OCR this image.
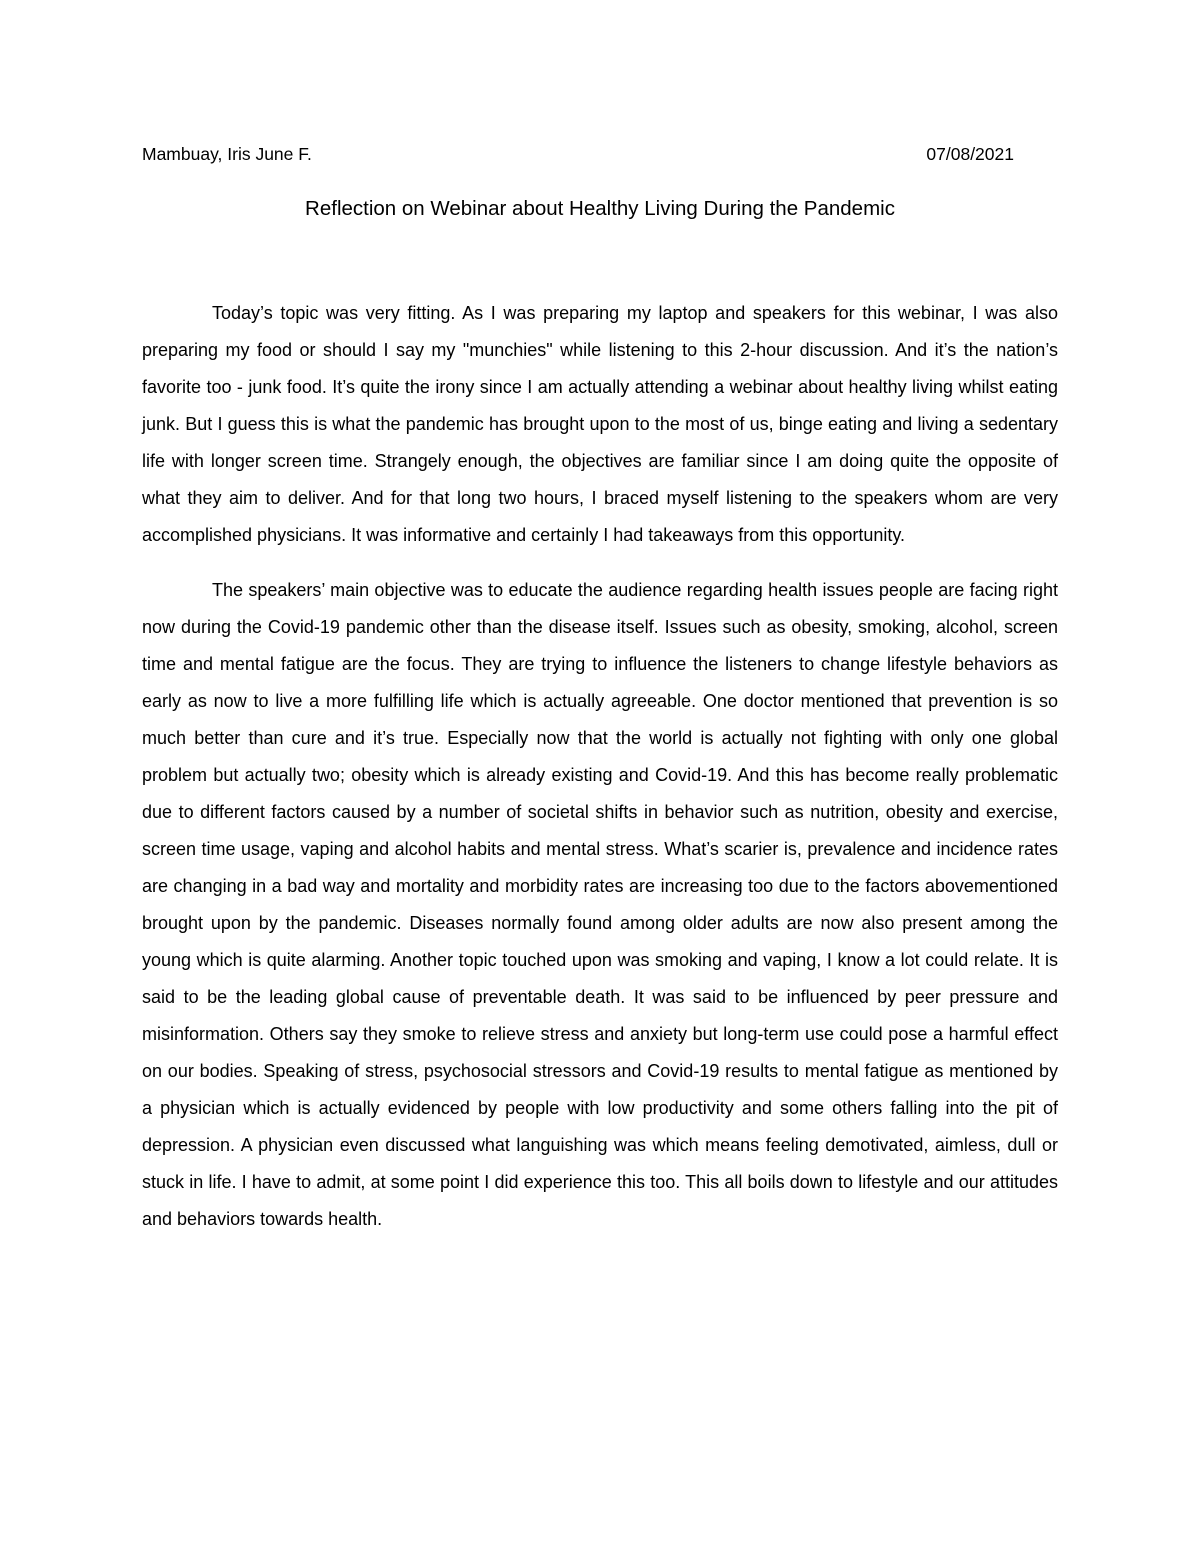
Mambuay, Iris June F.	07/08/2021
Reflection on Webinar about Healthy Living During the Pandemic

Today’s topic was very fitting. As I was preparing my laptop and speakers for this webinar, I was also preparing my food or should I say my "munchies" while listening to this 2-hour discussion. And it’s the nation’s favorite too - junk food. It’s quite the irony since I am actually attending a webinar about healthy living whilst eating junk. But I guess this is what the pandemic has brought upon to the most of us, binge eating and living a sedentary life with longer screen time. Strangely enough, the objectives are familiar since I am doing quite the opposite of what they aim to deliver. And for that long two hours, I braced myself listening to the speakers whom are very accomplished physicians. It was informative and certainly I had takeaways from this opportunity.

The speakers’ main objective was to educate the audience regarding health issues people are facing right now during the Covid-19 pandemic other than the disease itself. Issues such as obesity, smoking, alcohol, screen time and mental fatigue are the focus. They are trying to influence the listeners to change lifestyle behaviors as early as now to live a more fulfilling life which is actually agreeable. One doctor mentioned that prevention is so much better than cure and it’s true. Especially now that the world is actually not fighting with only one global problem but actually two; obesity which is already existing and Covid-19. And this has become really problematic due to different factors caused by a number of societal shifts in behavior such as nutrition, obesity and exercise, screen time usage, vaping and alcohol habits and mental stress. What’s scarier is, prevalence and incidence rates are changing in a bad way and mortality and morbidity rates are increasing too due to the factors abovementioned brought upon by the pandemic. Diseases normally found among older adults are now also present among the young which is quite alarming. Another topic touched upon was smoking and vaping, I know a lot could relate. It is said to be the leading global cause of preventable death. It was said to be influenced by peer pressure and misinformation. Others say they smoke to relieve stress and anxiety but long-term use could pose a harmful effect on our bodies. Speaking of stress, psychosocial stressors and Covid-19 results to mental fatigue as mentioned by a physician which is actually evidenced by people with low productivity and some others falling into the pit of depression. A physician even discussed what languishing was which means feeling demotivated, aimless, dull or stuck in life. I have to admit, at some point I did experience this too. This all boils down to lifestyle and our attitudes and behaviors towards health.
